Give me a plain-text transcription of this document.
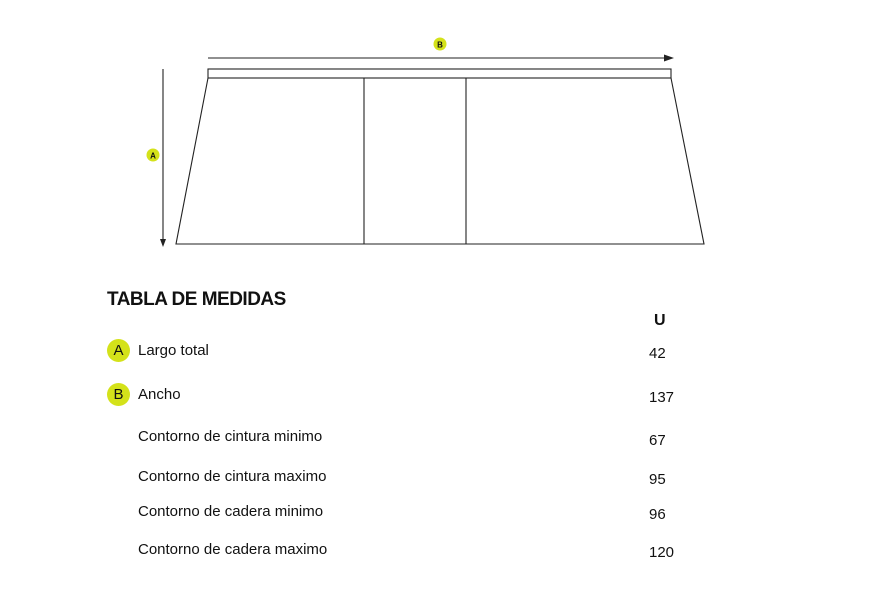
B
A
TABLA DE MEDIDAS
U
A Largo total	42
B Ancho	137
Contorno de cintura minimo	67
Contorno de cintura maximo	95
Contorno de cadera minimo	96
Contorno de cadera maximo	120
